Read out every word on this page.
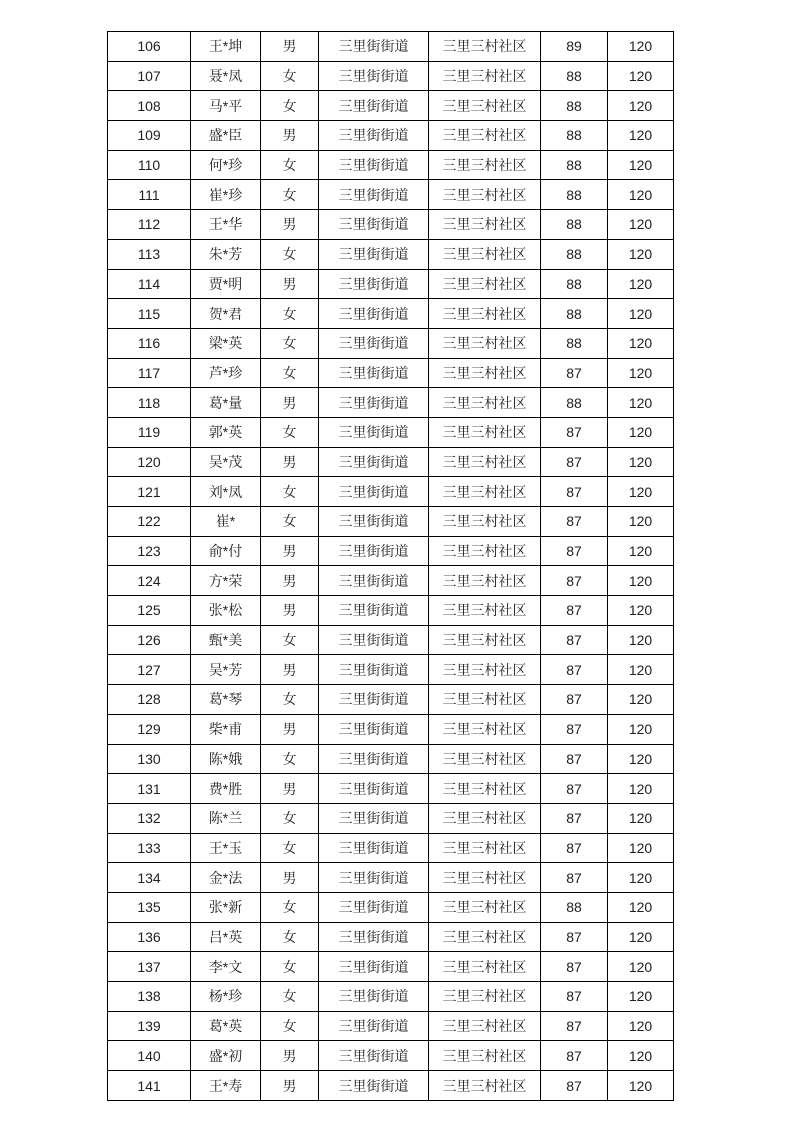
106	王*坤	男	三里街街道	三里三村社区	89	120
107	聂*凤	女	三里街街道	三里三村社区	88	120
108	马*平	女	三里街街道	三里三村社区	88	120
109	盛*臣	男	三里街街道	三里三村社区	88	120
110	何*珍	女	三里街街道	三里三村社区	88	120
111	崔*珍	女	三里街街道	三里三村社区	88	120
112	王*华	男	三里街街道	三里三村社区	88	120
113	朱*芳	女	三里街街道	三里三村社区	88	120
114	贾*明	男	三里街街道	三里三村社区	88	120
115	贺*君	女	三里街街道	三里三村社区	88	120
116	梁*英	女	三里街街道	三里三村社区	88	120
117	芦*珍	女	三里街街道	三里三村社区	87	120
118	葛*量	男	三里街街道	三里三村社区	88	120
119	郭*英	女	三里街街道	三里三村社区	87	120
120	吴*茂	男	三里街街道	三里三村社区	87	120
121	刘*凤	女	三里街街道	三里三村社区	87	120
122	崔*	女	三里街街道	三里三村社区	87	120
123	俞*付	男	三里街街道	三里三村社区	87	120
124	方*荣	男	三里街街道	三里三村社区	87	120
125	张*松	男	三里街街道	三里三村社区	87	120
126	甄*美	女	三里街街道	三里三村社区	87	120
127	吴*芳	男	三里街街道	三里三村社区	87	120
128	葛*琴	女	三里街街道	三里三村社区	87	120
129	柴*甫	男	三里街街道	三里三村社区	87	120
130	陈*娥	女	三里街街道	三里三村社区	87	120
131	费*胜	男	三里街街道	三里三村社区	87	120
132	陈*兰	女	三里街街道	三里三村社区	87	120
133	王*玉	女	三里街街道	三里三村社区	87	120
134	金*法	男	三里街街道	三里三村社区	87	120
135	张*新	女	三里街街道	三里三村社区	88	120
136	吕*英	女	三里街街道	三里三村社区	87	120
137	李*文	女	三里街街道	三里三村社区	87	120
138	杨*珍	女	三里街街道	三里三村社区	87	120
139	葛*英	女	三里街街道	三里三村社区	87	120
140	盛*初	男	三里街街道	三里三村社区	87	120
141	王*寿	男	三里街街道	三里三村社区	87	120
